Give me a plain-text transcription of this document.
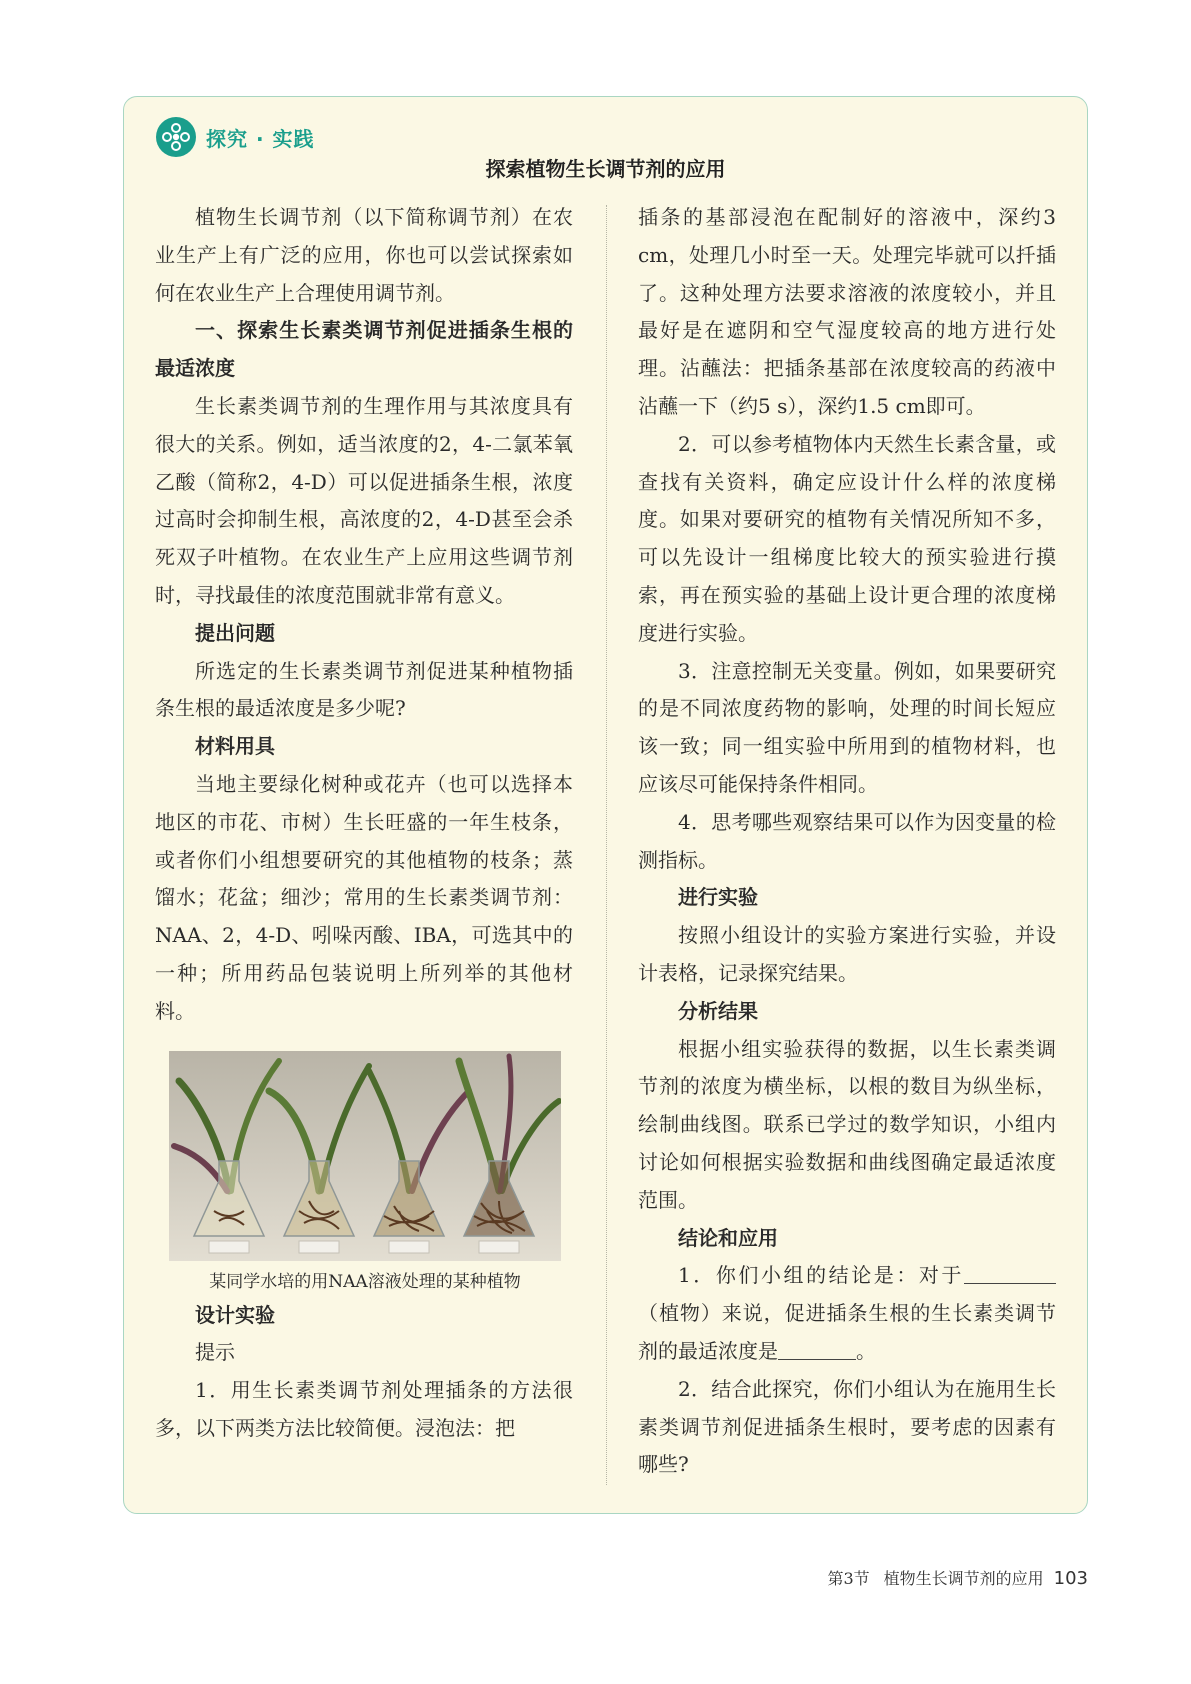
探究 · 实践
探索植物生长调节剂的应用

植物生长调节剂（以下简称调节剂）在农业生产上有广泛的应用，你也可以尝试探索如何在农业生产上合理使用调节剂。

一、探索生长素类调节剂促进插条生根的最适浓度

生长素类调节剂的生理作用与其浓度具有很大的关系。例如，适当浓度的2，4-二氯苯氧乙酸（简称2，4-D）可以促进插条生根，浓度过高时会抑制生根，高浓度的2，4-D甚至会杀死双子叶植物。在农业生产上应用这些调节剂时，寻找最佳的浓度范围就非常有意义。

提出问题

所选定的生长素类调节剂促进某种植物插条生根的最适浓度是多少呢?

材料用具

当地主要绿化树种或花卉（也可以选择本地区的市花、市树）生长旺盛的一年生枝条，或者你们小组想要研究的其他植物的枝条；蒸馏水；花盆；细沙；常用的生长素类调节剂：NAA、2，4-D、吲哚丙酸、IBA，可选其中的一种；所用药品包装说明上所列举的其他材料。

某同学水培的用NAA溶液处理的某种植物

设计实验

提示

1．用生长素类调节剂处理插条的方法很多，以下两类方法比较简便。浸泡法：把

插条的基部浸泡在配制好的溶液中，深约3 cm，处理几小时至一天。处理完毕就可以扦插了。这种处理方法要求溶液的浓度较小，并且最好是在遮阴和空气湿度较高的地方进行处理。沾蘸法：把插条基部在浓度较高的药液中沾蘸一下（约5 s），深约1.5 cm即可。

2．可以参考植物体内天然生长素含量，或查找有关资料，确定应设计什么样的浓度梯度。如果对要研究的植物有关情况所知不多，可以先设计一组梯度比较大的预实验进行摸索，再在预实验的基础上设计更合理的浓度梯度进行实验。

3．注意控制无关变量。例如，如果要研究的是不同浓度药物的影响，处理的时间长短应该一致；同一组实验中所用到的植物材料，也应该尽可能保持条件相同。

4．思考哪些观察结果可以作为因变量的检测指标。

进行实验

按照小组设计的实验方案进行实验，并设计表格，记录探究结果。

分析结果

根据小组实验获得的数据，以生长素类调节剂的浓度为横坐标，以根的数目为纵坐标，绘制曲线图。联系已学过的数学知识，小组内讨论如何根据实验数据和曲线图确定最适浓度范围。

结论和应用

1．你们小组的结论是：对于（植物）来说，促进插条生根的生长素类调节剂的最适浓度是	。

2．结合此探究，你们小组认为在施用生长素类调节剂促进插条生根时，要考虑的因素有哪些?

第3节 植物生长调节剂的应用 103
